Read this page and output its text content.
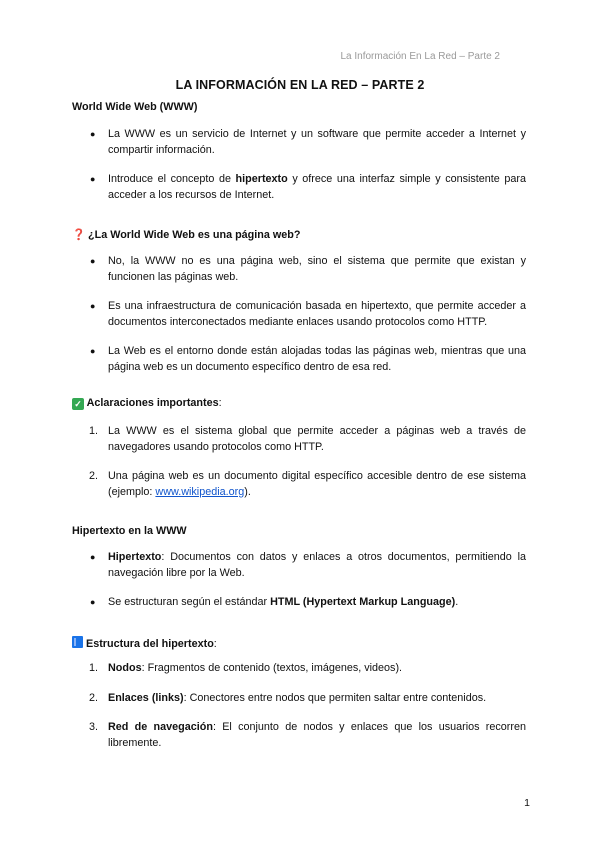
La Información En La Red – Parte 2
LA INFORMACIÓN EN LA RED – PARTE 2
World Wide Web (WWW)
●	La WWW es un servicio de Internet y un software que permite acceder a Internet y compartir información.
●	Introduce el concepto de hipertexto y ofrece una interfaz simple y consistente para acceder a los recursos de Internet.
❓ ¿La World Wide Web es una página web?
●	No, la WWW no es una página web, sino el sistema que permite que existan y funcionen las páginas web.
●	Es una infraestructura de comunicación basada en hipertexto, que permite acceder a documentos interconectados mediante enlaces usando protocolos como HTTP.
●	La Web es el entorno donde están alojadas todas las páginas web, mientras que una página web es un documento específico dentro de esa red.
✓ Aclaraciones importantes:
1. La WWW es el sistema global que permite acceder a páginas web a través de navegadores usando protocolos como HTTP.
2. Una página web es un documento digital específico accesible dentro de ese sistema (ejemplo: www.wikipedia.org).
Hipertexto en la WWW
●	Hipertexto: Documentos con datos y enlaces a otros documentos, permitiendo la navegación libre por la Web.
●	Se estructuran según el estándar HTML (Hypertext Markup Language).
Estructura del hipertexto:
1. Nodos: Fragmentos de contenido (textos, imágenes, videos).
2. Enlaces (links): Conectores entre nodos que permiten saltar entre contenidos.
3. Red de navegación: El conjunto de nodos y enlaces que los usuarios recorren libremente.
1
